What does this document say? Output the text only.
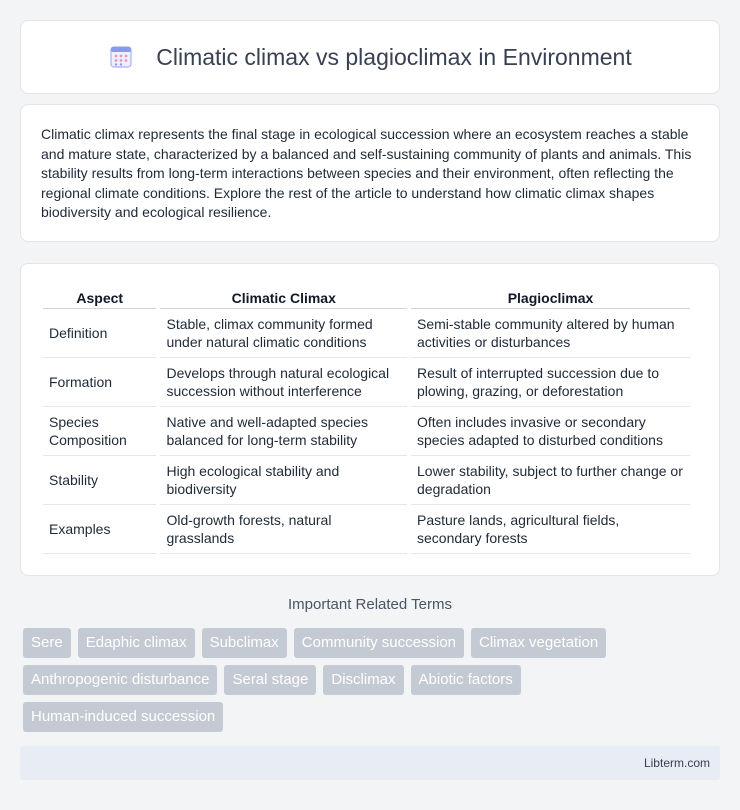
Climatic climax vs plagioclimax in Environment

Climatic climax represents the final stage in ecological succession where an ecosystem reaches a stable and mature state, characterized by a balanced and self-sustaining community of plants and animals. This stability results from long-term interactions between species and their environment, often reflecting the regional climate conditions. Explore the rest of the article to understand how climatic climax shapes biodiversity and ecological resilience.

Aspect	Climatic Climax	Plagioclimax
Definition	Stable, climax community formed under natural climatic conditions	Semi-stable community altered by human activities or disturbances
Formation	Develops through natural ecological succession without interference	Result of interrupted succession due to plowing, grazing, or deforestation
Species Composition	Native and well-adapted species balanced for long-term stability	Often includes invasive or secondary species adapted to disturbed conditions
Stability	High ecological stability and biodiversity	Lower stability, subject to further change or degradation
Examples	Old-growth forests, natural grasslands	Pasture lands, agricultural fields, secondary forests
Important Related Terms
Sere	Edaphic climax	Subclimax	Community succession	Climax vegetation
Anthropogenic disturbance	Seral stage	Disclimax	Abiotic factors
Human-induced succession
Libterm.com
